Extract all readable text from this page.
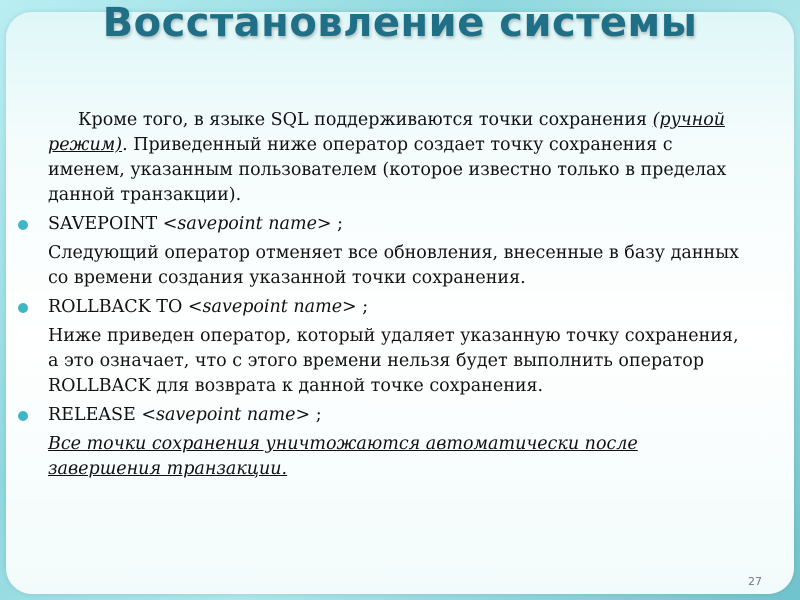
Восстановление системы

Кроме того, в языке SQL поддерживаются точки сохранения (ручной режим). Приведенный ниже оператор создает точку сохранения с именем, указанным пользователем (которое известно только в пределах данной транзакции).

SAVEPOINT <savepoint name> ;

Следующий оператор отменяет все обновления, внесенные в базу данных со времени создания указанной точки сохранения.

ROLLBACK TO <savepoint name> ;

Ниже приведен оператор, который удаляет указанную точку сохранения, а это означает, что с этого времени нельзя будет выполнить оператор ROLLBACK для возврата к данной точке сохранения.

RELEASE <savepoint name> ;

Все точки сохранения уничтожаются автоматически после завершения транзакции.

27
